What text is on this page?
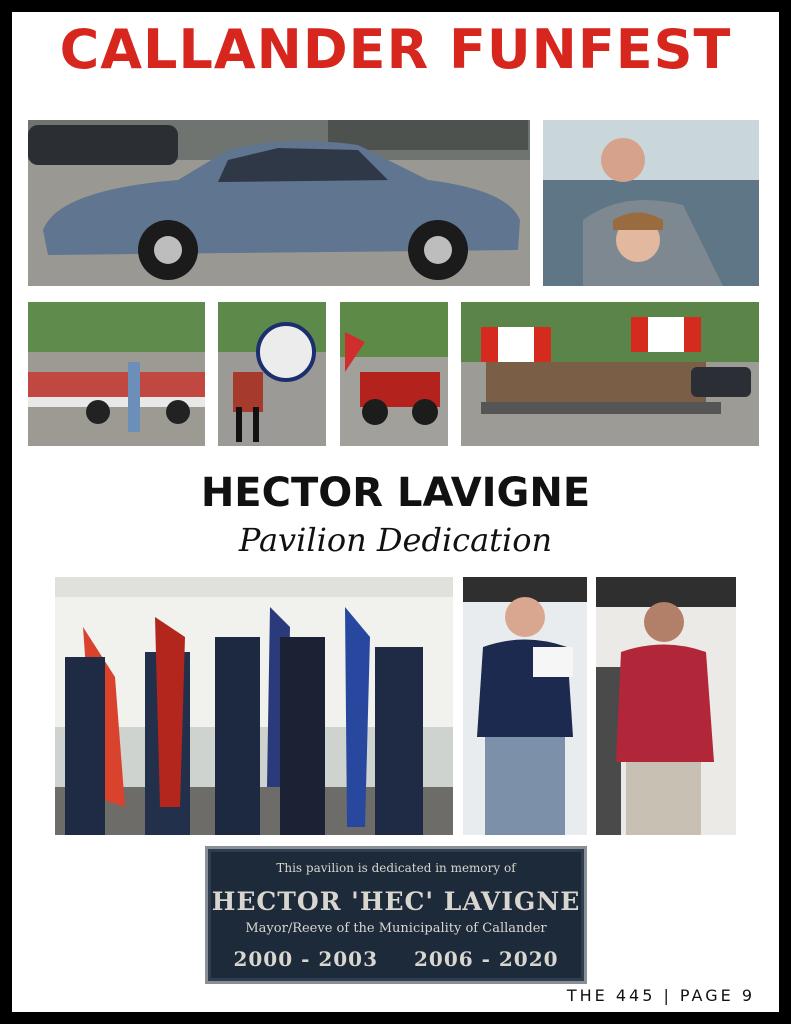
CALLANDER FUNFEST
HECTOR LAVIGNE
Pavilion Dedication
This pavilion is dedicated in memory of
HECTOR 'HEC' LAVIGNE
Mayor/Reeve of the Municipality of Callander
2000 - 2003 2006 - 2020
THE 445 | PAGE 9
